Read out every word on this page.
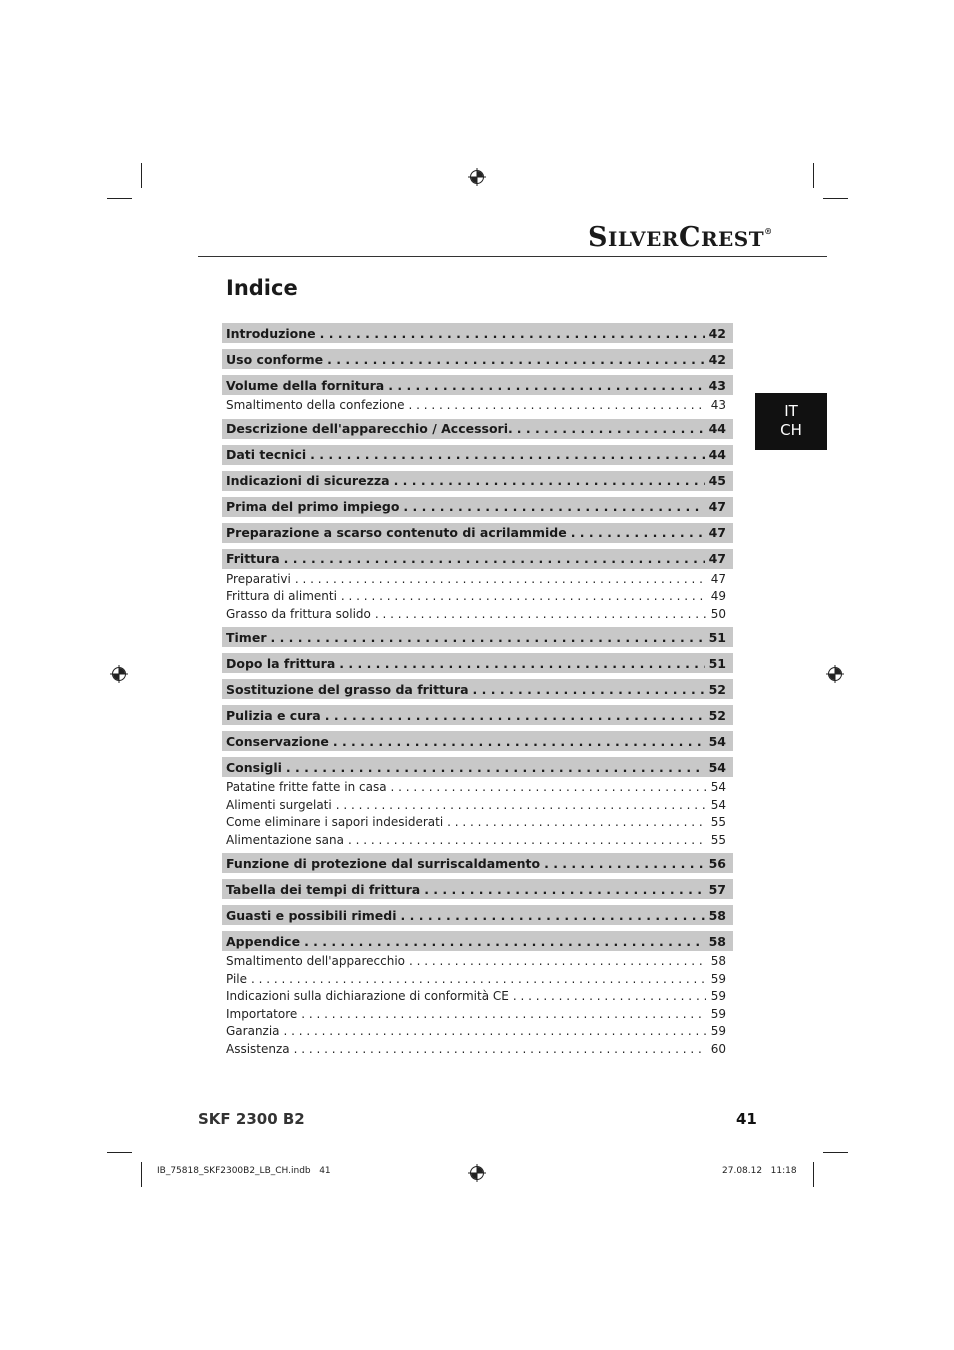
SILVERCREST®
Indice
IT
CH
Introduzione . . .	42
Uso conforme . . .	42
Volume della fornitura . . .	43
Smaltimento della confezione . . .	43
Descrizione dell'apparecchio / Accessori. . . .	44
Dati tecnici . . .	44
Indicazioni di sicurezza . . .	45
Prima del primo impiego . . .	47
Preparazione a scarso contenuto di acrilammide . . .	47
Frittura . . .	47
Preparativi . . .	47
Frittura di alimenti . . .	49
Grasso da frittura solido . . .	50
Timer . . .	51
Dopo la frittura . . .	51
Sostituzione del grasso da frittura . . .	52
Pulizia e cura . . .	52
Conservazione . . .	54
Consigli . . .	54
Patatine fritte fatte in casa . . .	54
Alimenti surgelati . . .	54
Come eliminare i sapori indesiderati . . .	55
Alimentazione sana . . .	55
Funzione di protezione dal surriscaldamento . . .	56
Tabella dei tempi di frittura . . .	57
Guasti e possibili rimedi . . .	58
Appendice . . .	58
Smaltimento dell'apparecchio . . .	58
Pile . . .	59
Indicazioni sulla dichiarazione di conformità CE . . .	59
Importatore . . .	59
Garanzia . . .	59
Assistenza . . .	60
SKF 2300 B2	41
IB_75818_SKF2300B2_LB_CH.indb   41	27.08.12   11:18
